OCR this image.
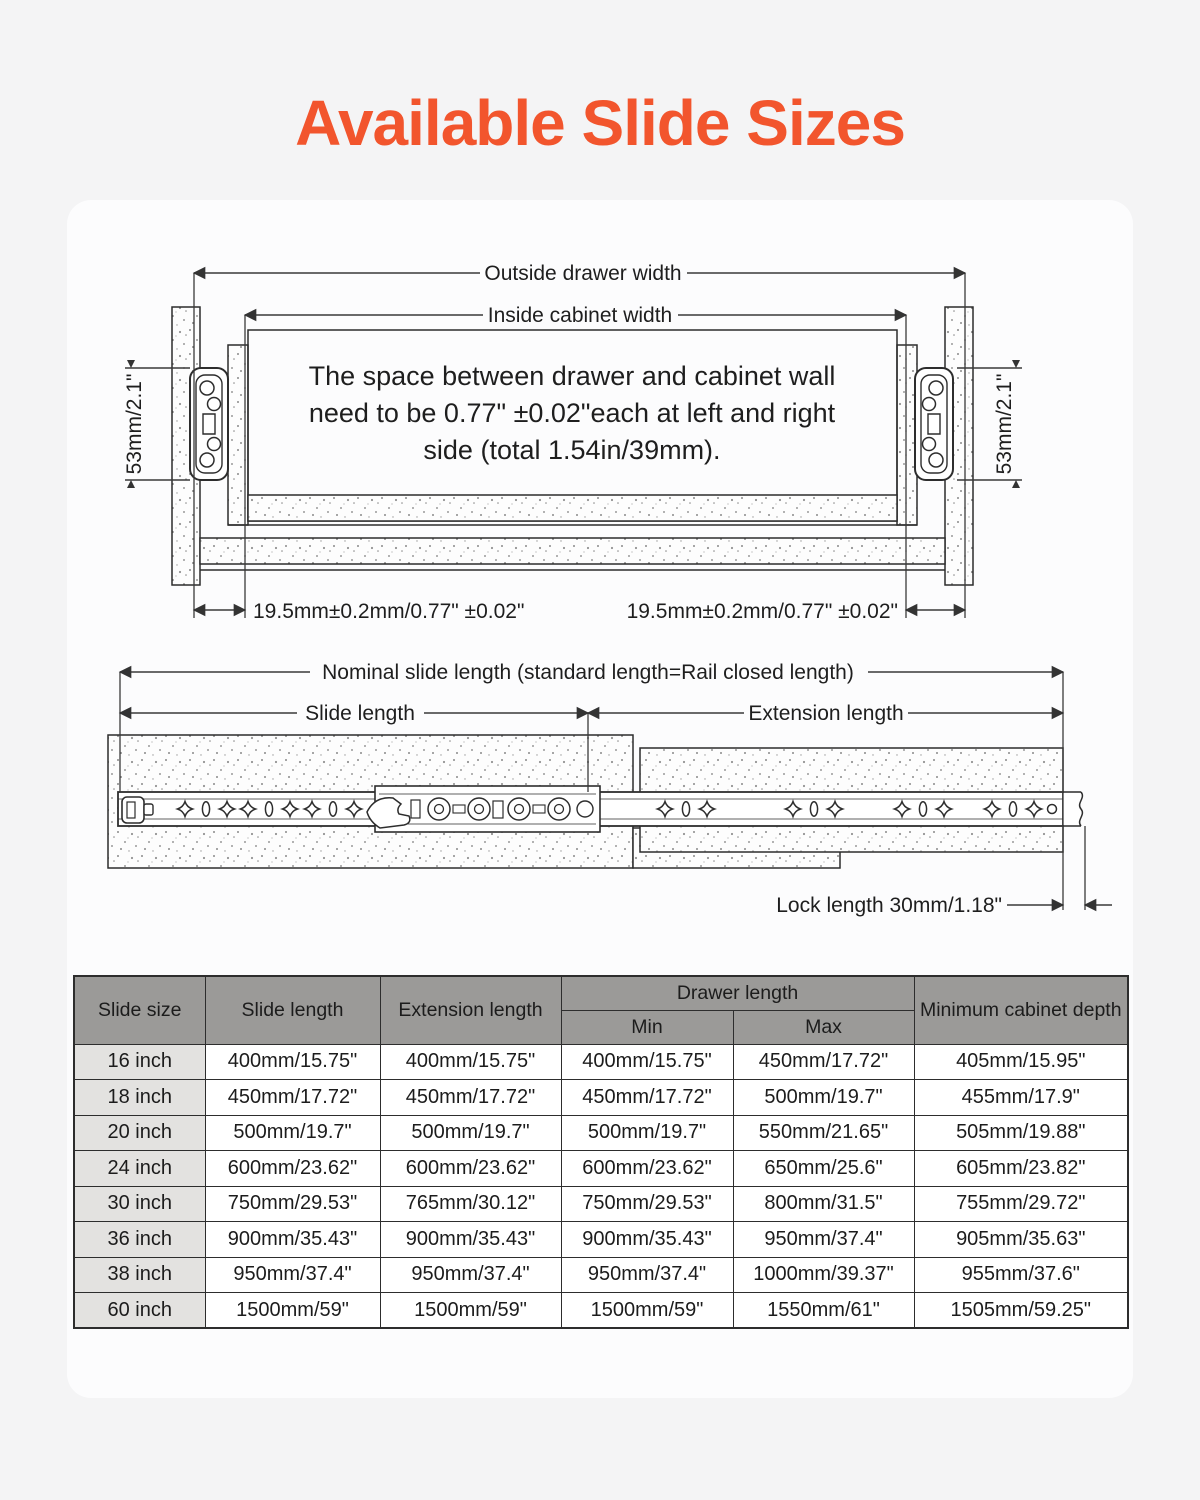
Available Slide Sizes
Outside drawer width
Inside cabinet width
The space between drawer and cabinet wall
need to be 0.77" ±0.02"each at left and right
side (total 1.54in/39mm).
53mm/2.1"	53mm/2.1"
19.5mm±0.2mm/0.77" ±0.02"	19.5mm±0.2mm/0.77" ±0.02"
Nominal slide length (standard length=Rail closed length)
Slide length	Extension length
Lock length 30mm/1.18"
Slide size	Slide length	Extension length	Drawer length		Minimum cabinet depth
			Min	Max	
16 inch	400mm/15.75"	400mm/15.75"	400mm/15.75"	450mm/17.72"	405mm/15.95"
18 inch	450mm/17.72"	450mm/17.72"	450mm/17.72"	500mm/19.7"	455mm/17.9"
20 inch	500mm/19.7"	500mm/19.7"	500mm/19.7"	550mm/21.65"	505mm/19.88"
24 inch	600mm/23.62"	600mm/23.62"	600mm/23.62"	650mm/25.6"	605mm/23.82"
30 inch	750mm/29.53"	765mm/30.12"	750mm/29.53"	800mm/31.5"	755mm/29.72"
36 inch	900mm/35.43"	900mm/35.43"	900mm/35.43"	950mm/37.4"	905mm/35.63"
38 inch	950mm/37.4"	950mm/37.4"	950mm/37.4"	1000mm/39.37"	955mm/37.6"
60 inch	1500mm/59"	1500mm/59"	1500mm/59"	1550mm/61"	1505mm/59.25"
